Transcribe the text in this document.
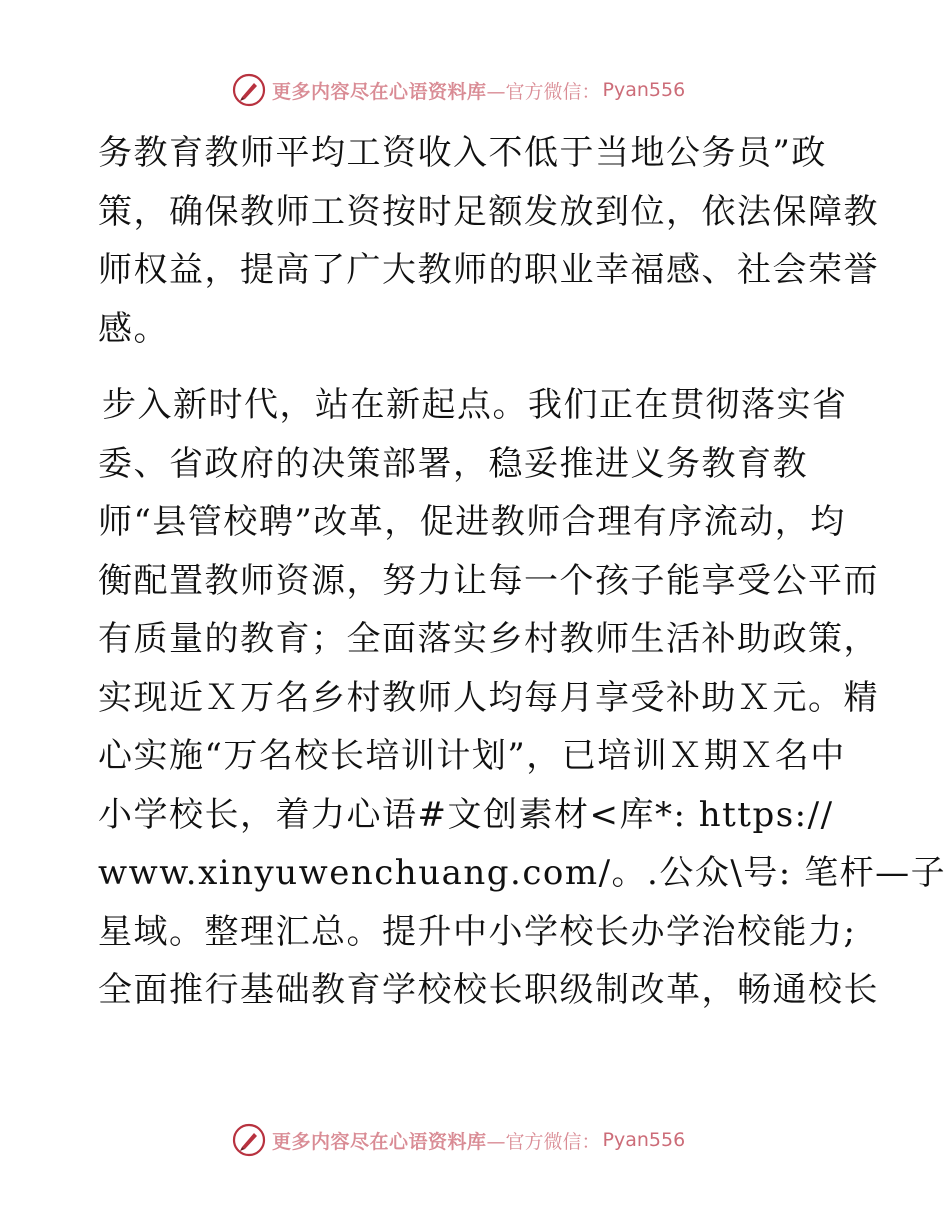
更多内容尽在心语资料库 —官方微信： Pyan556

务教育教师平均工资收入不低于当地公务员”政
策，确保教师工资按时足额发放到位，依法保障教
师权益，提高了广大教师的职业幸福感、社会荣誉
感。

步入新时代，站在新起点。我们正在贯彻落实省
委、省政府的决策部署，稳妥推进义务教育教
师“县管校聘”改革，促进教师合理有序流动，均
衡配置教师资源，努力让每一个孩子能享受公平而
有质量的教育；全面落实乡村教师生活补助政策，
实现近Ｘ万名乡村教师人均每月享受补助Ｘ元。精
心实施“万名校长培训计划”，已培训Ｘ期Ｘ名中
小学校长，着力心语#文创素材<库*: https://
www.xinyuwenchuang.com/。.公众\号: 笔杆—子
星域。整理汇总。提升中小学校长办学治校能力;
全面推行基础教育学校校长职级制改革，畅通校长

更多内容尽在心语资料库 —官方微信： Pyan556
